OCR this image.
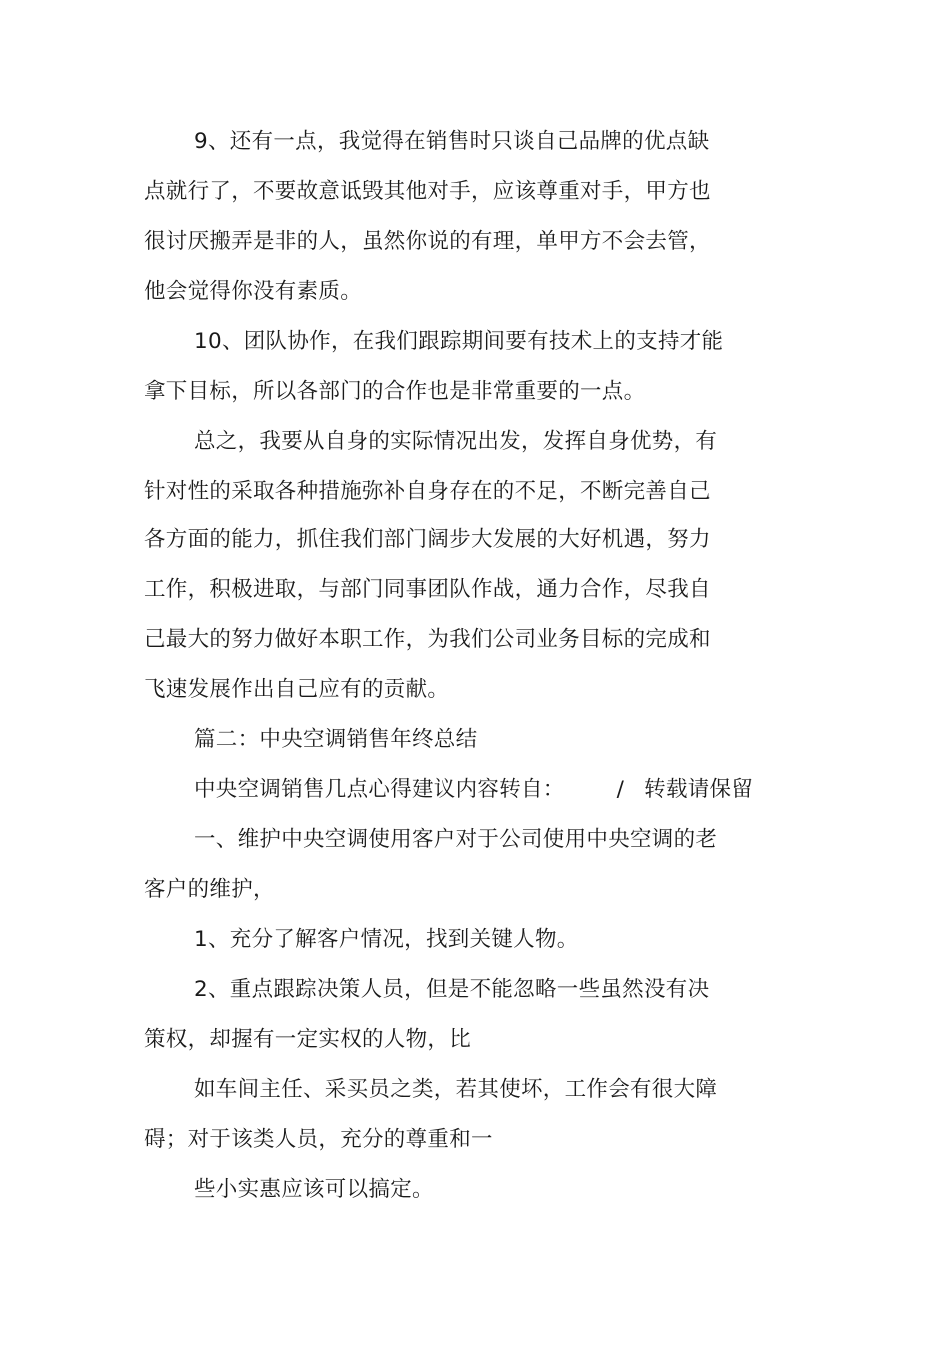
9、还有一点，我觉得在销售时只谈自己品牌的优点缺
点就行了，不要故意诋毁其他对手，应该尊重对手，甲方也
很讨厌搬弄是非的人，虽然你说的有理，单甲方不会去管，
他会觉得你没有素质。
10、团队协作，在我们跟踪期间要有技术上的支持才能
拿下目标，所以各部门的合作也是非常重要的一点。
总之，我要从自身的实际情况出发，发挥自身优势，有
针对性的采取各种措施弥补自身存在的不足，不断完善自己
各方面的能力，抓住我们部门阔步大发展的大好机遇，努力
工作，积极进取，与部门同事团队作战，通力合作，尽我自
己最大的努力做好本职工作，为我们公司业务目标的完成和
飞速发展作出自己应有的贡献。
篇二：中央空调销售年终总结
中央空调销售几点心得建议内容转自： / 转载请保留
一、维护中央空调使用客户对于公司使用中央空调的老
客户的维护，
1、充分了解客户情况，找到关键人物。
2、重点跟踪决策人员，但是不能忽略一些虽然没有决
策权，却握有一定实权的人物，比
如车间主任、采买员之类，若其使坏，工作会有很大障
碍；对于该类人员，充分的尊重和一
些小实惠应该可以搞定。
